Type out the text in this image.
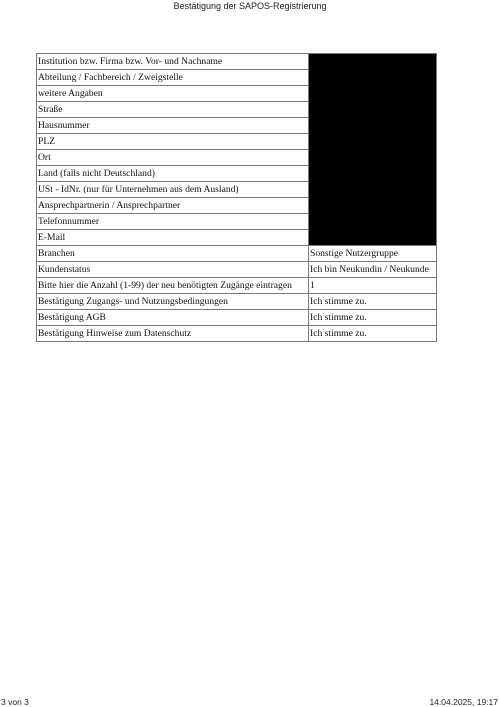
Bestätigung der SAPOS-Registrierung
Institution bzw. Firma bzw. Vor- und Nachname	
Abteilung / Fachbereich / Zweigstelle	
weitere Angaben	
Straße	
Hausnummer	
PLZ	
Ort	
Land (falls nicht Deutschland)	
USt - IdNr. (nur für Unternehmen aus dem Ausland)	
Ansprechpartnerin / Ansprechpartner	
Telefonnummer	
E-Mail	
Branchen	Sonstige Nutzergruppe
Kundenstatus	Ich bin Neukundin / Neukunde
Bitte hier die Anzahl (1-99) der neu benötigten Zugänge eintragen	1
Bestätigung Zugangs- und Nutzungsbedingungen	Ich stimme zu.
Bestätigung AGB	Ich stimme zu.
Bestätigung Hinweise zum Datenschutz	Ich stimme zu.
3 von 3	14.04.2025, 19:17
